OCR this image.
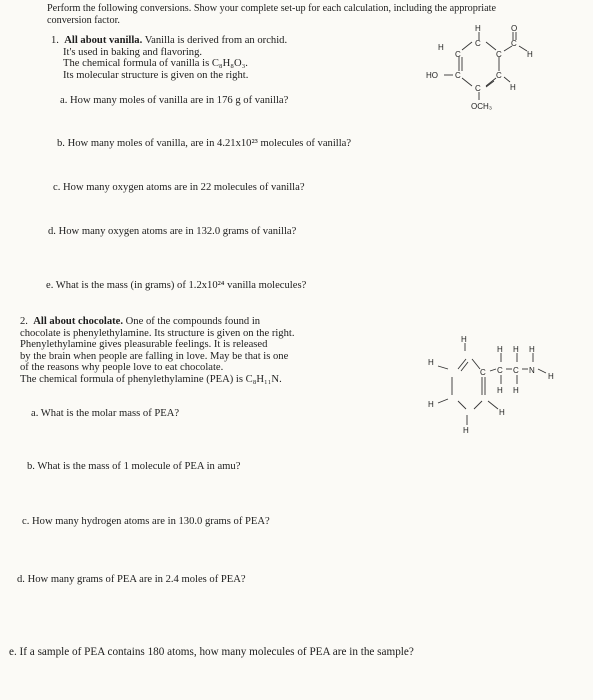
Perform the following conversions. Show your complete set-up for each calculation, including the appropriate
conversion factor.
1. All about vanilla. Vanilla is derived from an orchid.
It's used in baking and flavoring.
The chemical formula of vanilla is C₈H₈O₃.
Its molecular structure is given on the right.
a. How many moles of vanilla are in 176 g of vanilla?
b. How many moles of vanilla, are in 4.21x10²³ molecules of vanilla?
c. How many oxygen atoms are in 22 molecules of vanilla?
d. How many oxygen atoms are in 132.0 grams of vanilla?
e. What is the mass (in grams) of 1.2x10²⁴ vanilla molecules?
H
H	C
C	C
C	C
C
C
O
H
HO
H
OCH₃
2. All about chocolate. One of the compounds found in
chocolate is phenylethylamine. Its structure is given on the right.
Phenylethylamine gives pleasurable feelings. It is released
by the brain when people are falling in love. May be that is one
of the reasons why people love to eat chocolate.
The chemical formula of phenylethylamine (PEA) is C₈H₁₁N.
a. What is the molar mass of PEA?
b. What is the mass of 1 molecule of PEA in amu?
c. How many hydrogen atoms are in 130.0 grams of PEA?
d. How many grams of PEA are in 2.4 moles of PEA?
e. If a sample of PEA contains 180 atoms, how many molecules of PEA are in the sample?
H
H
H
H
H
C C C N
H H
H H
H
H
